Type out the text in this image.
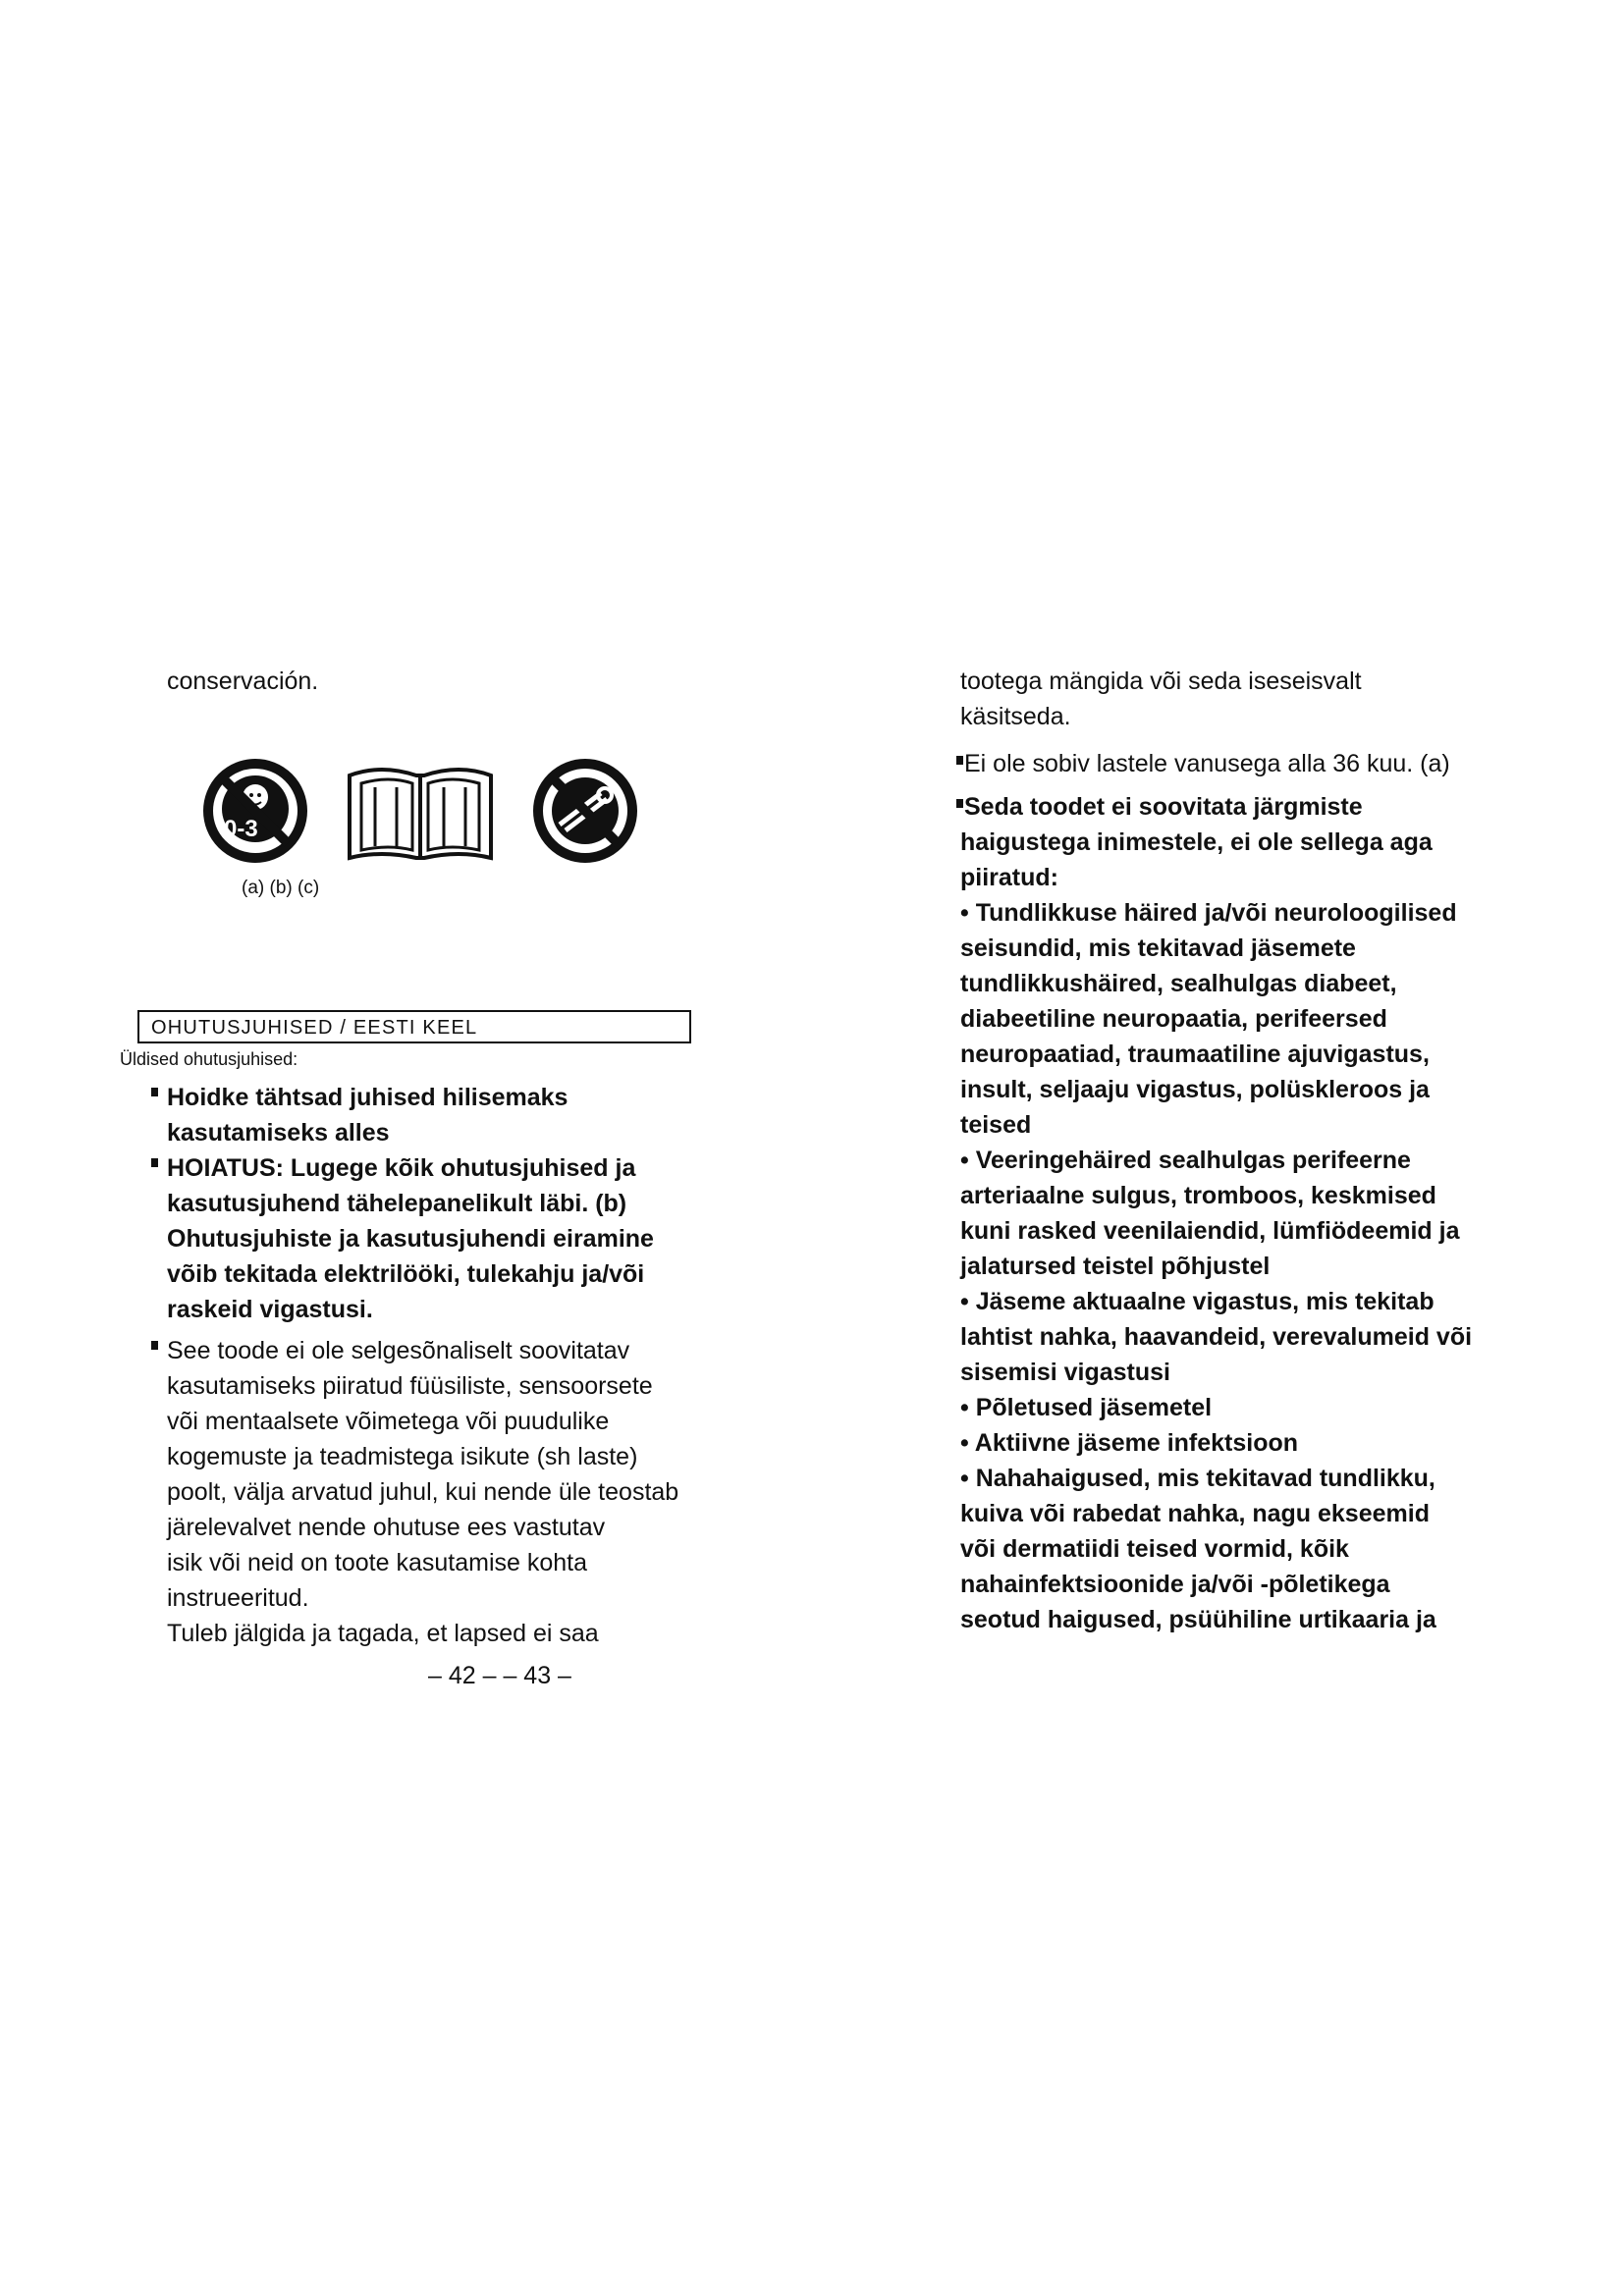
conservación.
0-3
(a) (b) (c)
OHUTUSJUHISED / EESTI KEEL
Üldised ohutusjuhised:
Hoidke tähtsad juhised hilisemaks
kasutamiseks alles
HOIATUS: Lugege kõik ohutusjuhised ja
kasutusjuhend tähelepanelikult läbi. (b)
Ohutusjuhiste ja kasutusjuhendi eiramine
võib tekitada elektrilööki, tulekahju ja/või
raskeid vigastusi.
See toode ei ole selgesõnaliselt soovitatav
kasutamiseks piiratud füüsiliste, sensoorsete
või mentaalsete võimetega või puudulike
kogemuste ja teadmistega isikute (sh laste)
poolt, välja arvatud juhul, kui nende üle teostab
järelevalvet nende ohutuse ees vastutav
isik või neid on toote kasutamise kohta
instrueeritud.
Tuleb jälgida ja tagada, et lapsed ei saa
– 42 – – 43 –
tootega mängida või seda iseseisvalt
käsitseda.
Ei ole sobiv lastele vanusega alla 36 kuu. (a)
Seda toodet ei soovitata järgmiste
haigustega inimestele, ei ole sellega aga
piiratud:
• Tundlikkuse häired ja/või neuroloogilised
seisundid, mis tekitavad jäsemete
tundlikkushäired, sealhulgas diabeet,
diabeetiline neuropaatia, perifeersed
neuropaatiad, traumaatiline ajuvigastus,
insult, seljaaju vigastus, polüskleroos ja
teised
• Veeringehäired sealhulgas perifeerne
arteriaalne sulgus, tromboos, keskmised
kuni rasked veenilaiendid, lümfiödeemid ja
jalatursed teistel põhjustel
• Jäseme aktuaalne vigastus, mis tekitab
lahtist nahka, haavandeid, verevalumeid või
sisemisi vigastusi
• Põletused jäsemetel
• Aktiivne jäseme infektsioon
• Nahahaigused, mis tekitavad tundlikku,
kuiva või rabedat nahka, nagu ekseemid
või dermatiidi teised vormid, kõik
nahainfektsioonide ja/või -põletikega
seotud haigused, psüühiline urtikaaria ja
